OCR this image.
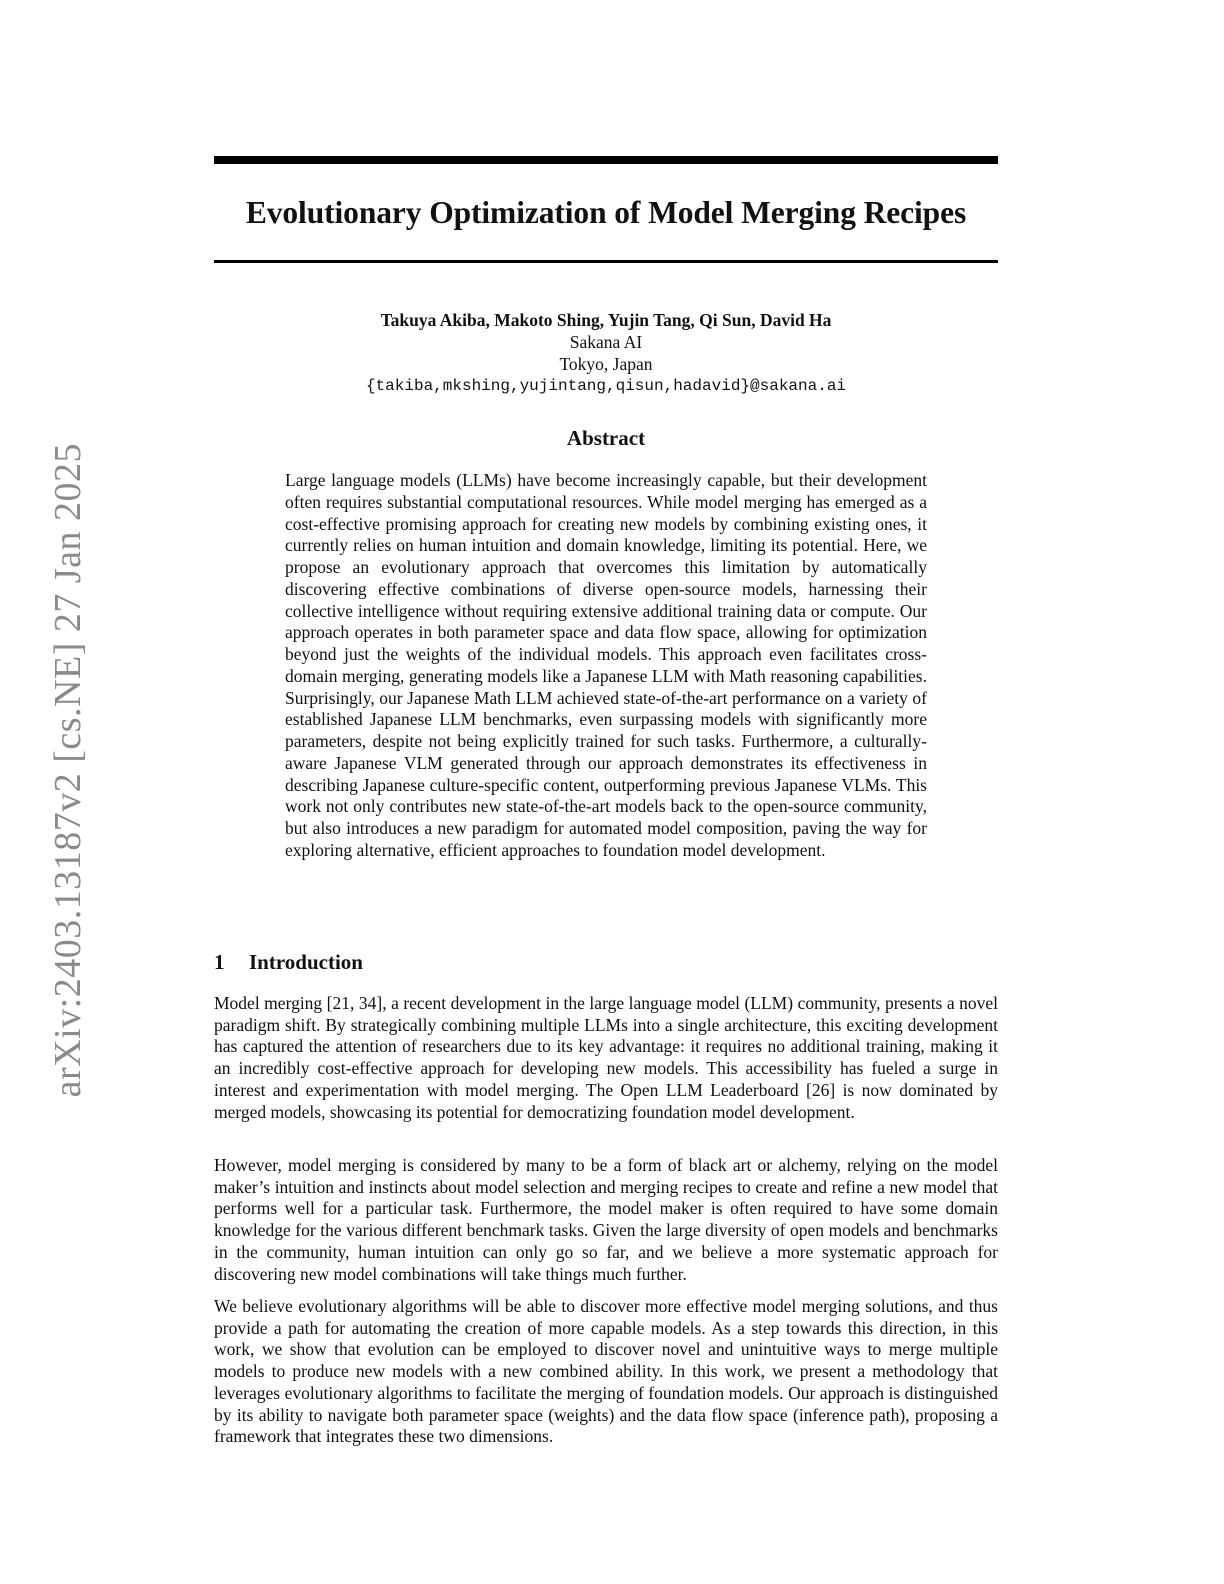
arXiv:2403.13187v2 [cs.NE] 27 Jan 2025
Evolutionary Optimization of Model Merging Recipes
Takuya Akiba, Makoto Shing, Yujin Tang, Qi Sun, David Ha
Sakana AI
Tokyo, Japan
{takiba,mkshing,yujintang,qisun,hadavid}@sakana.ai
Abstract

Large language models (LLMs) have become increasingly capable, but their development often requires substantial computational resources. While model merging has emerged as a cost-effective promising approach for creating new models by combining existing ones, it currently relies on human intuition and domain knowledge, limiting its potential. Here, we propose an evolutionary approach that overcomes this limitation by automatically discovering effective combinations of diverse open-source models, harnessing their collective intelligence without requiring extensive additional training data or compute. Our approach operates in both parameter space and data flow space, allowing for optimization beyond just the weights of the individual models. This approach even facilitates cross-domain merging, generating models like a Japanese LLM with Math reasoning capabilities. Surprisingly, our Japanese Math LLM achieved state-of-the-art performance on a variety of established Japanese LLM benchmarks, even surpassing models with significantly more parameters, despite not being explicitly trained for such tasks. Furthermore, a culturally-aware Japanese VLM generated through our approach demonstrates its effectiveness in describing Japanese culture-specific content, outperforming previous Japanese VLMs. This work not only contributes new state-of-the-art models back to the open-source community, but also introduces a new paradigm for automated model composition, paving the way for exploring alternative, efficient approaches to foundation model development.

1 Introduction

Model merging [21, 34], a recent development in the large language model (LLM) community, presents a novel paradigm shift. By strategically combining multiple LLMs into a single architecture, this exciting development has captured the attention of researchers due to its key advantage: it requires no additional training, making it an incredibly cost-effective approach for developing new models. This accessibility has fueled a surge in interest and experimentation with model merging. The Open LLM Leaderboard [26] is now dominated by merged models, showcasing its potential for democratizing foundation model development.

However, model merging is considered by many to be a form of black art or alchemy, relying on the model maker’s intuition and instincts about model selection and merging recipes to create and refine a new model that performs well for a particular task. Furthermore, the model maker is often required to have some domain knowledge for the various different benchmark tasks. Given the large diversity of open models and benchmarks in the community, human intuition can only go so far, and we believe a more systematic approach for discovering new model combinations will take things much further.

We believe evolutionary algorithms will be able to discover more effective model merging solutions, and thus provide a path for automating the creation of more capable models. As a step towards this direction, in this work, we show that evolution can be employed to discover novel and unintuitive ways to merge multiple models to produce new models with a new combined ability. In this work, we present a methodology that leverages evolutionary algorithms to facilitate the merging of foundation models. Our approach is distinguished by its ability to navigate both parameter space (weights) and the data flow space (inference path), proposing a framework that integrates these two dimensions.
